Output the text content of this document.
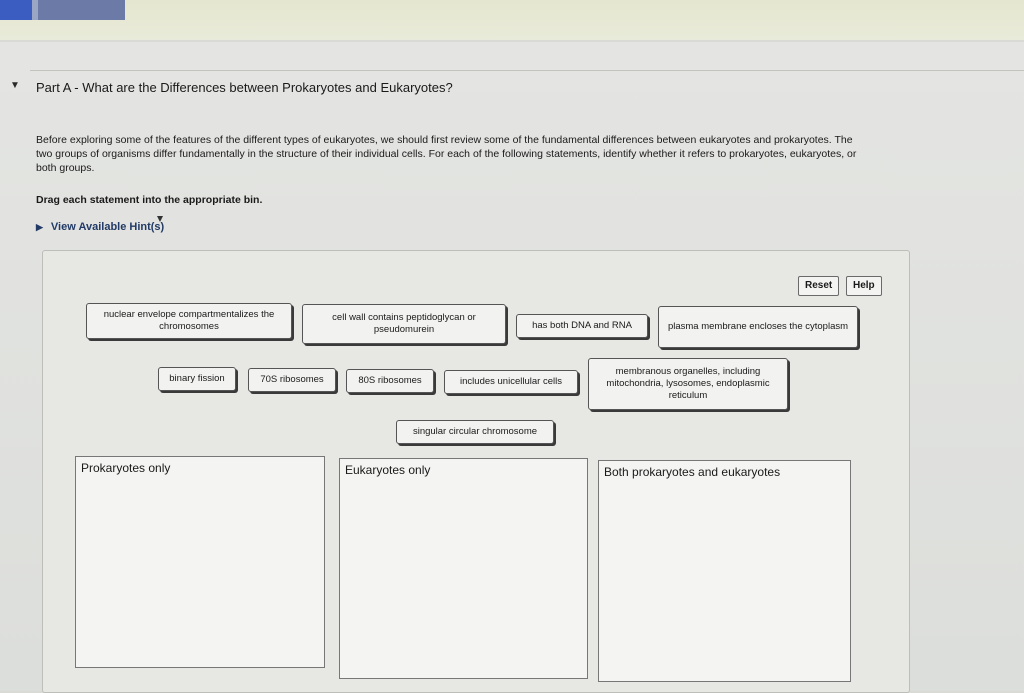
▼ Part A - What are the Differences between Prokaryotes and Eukaryotes?
Before exploring some of the features of the different types of eukaryotes, we should first review some of the fundamental differences between eukaryotes and prokaryotes. The
two groups of organisms differ fundamentally in the structure of their individual cells. For each of the following statements, identify whether it refers to prokaryotes, eukaryotes, or
both groups.
Drag each statement into the appropriate bin.
▶ View Available Hint(s)
Reset	Help
nuclear envelope compartmentalizes the chromosomes
cell wall contains peptidoglycan or pseudomurein	has both DNA and RNA	plasma membrane encloses the cytoplasm
binary fission	70S ribosomes	80S ribosomes	includes unicellular cells
membranous organelles, including mitochondria, lysosomes, endoplasmic reticulum
singular circular chromosome
Prokaryotes only	Eukaryotes only	Both prokaryotes and eukaryotes
